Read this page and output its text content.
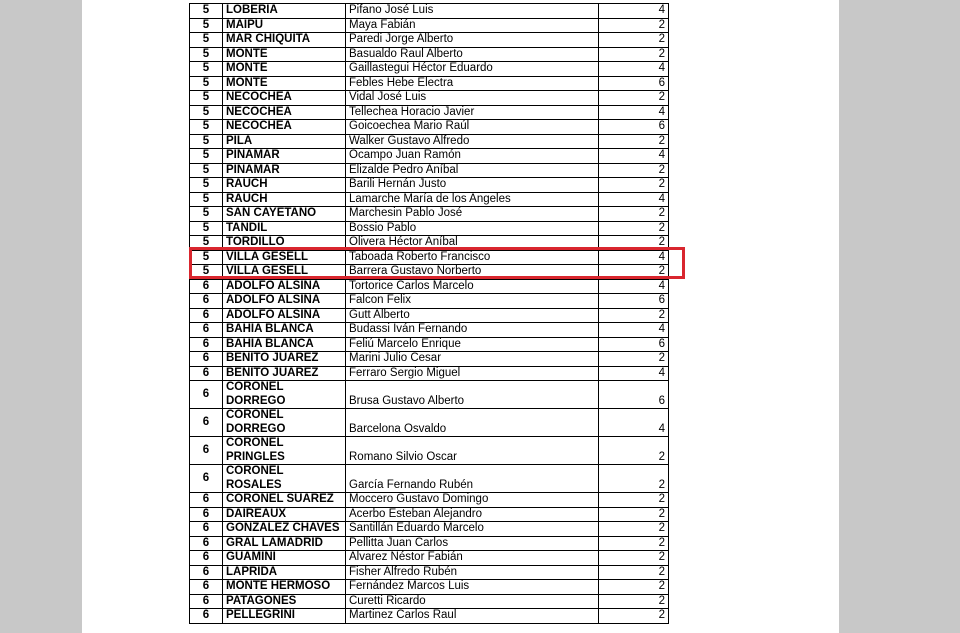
5	LOBERIA	Pifano José Luis	4
5	MAIPU	Maya Fabián	2
5	MAR CHIQUITA	Paredi Jorge Alberto	2
5	MONTE	Basualdo Raul Alberto	2
5	MONTE	Gaillastegui Héctor Eduardo	4
5	MONTE	Febles Hebe Electra	6
5	NECOCHEA	Vidal José Luis	2
5	NECOCHEA	Tellechea Horacio Javier	4
5	NECOCHEA	Goicoechea Mario Raúl	6
5	PILA	Walker Gustavo Alfredo	2
5	PINAMAR	Ocampo Juan Ramón	4
5	PINAMAR	Elizalde Pedro Aníbal	2
5	RAUCH	Barili Hernán Justo	2
5	RAUCH	Lamarche María de los Angeles	4
5	SAN CAYETANO	Marchesin Pablo José	2
5	TANDIL	Bossio Pablo	2
5	TORDILLO	Olivera Héctor Aníbal	2
5	VILLA GESELL	Taboada Roberto Francisco	4
5	VILLA GESELL	Barrera Gustavo Norberto	2
6	ADOLFO ALSINA	Tortorice Carlos Marcelo	4
6	ADOLFO ALSINA	Falcon Felix	6
6	ADOLFO ALSINA	Gutt Alberto	2
6	BAHIA BLANCA	Budassi Iván Fernando	4
6	BAHIA BLANCA	Feliú Marcelo Enrique	6
6	BENITO JUAREZ	Marini Julio Cesar	2
6	BENITO JUAREZ	Ferraro Sergio Miguel	4
6	CORONEL DORREGO	Brusa Gustavo Alberto	6
6	CORONEL DORREGO	Barcelona Osvaldo	4
6	CORONEL PRINGLES	Romano Silvio Oscar	2
6	CORONEL ROSALES	García Fernando Rubén	2
6	CORONEL SUAREZ	Moccero Gustavo Domingo	2
6	DAIREAUX	Acerbo Esteban Alejandro	2
6	GONZALEZ CHAVES	Santillán Eduardo Marcelo	2
6	GRAL LAMADRID	Pellitta Juan Carlos	2
6	GUAMINI	Alvarez Néstor Fabián	2
6	LAPRIDA	Fisher Alfredo Rubén	2
6	MONTE HERMOSO	Fernández Marcos Luis	2
6	PATAGONES	Curetti Ricardo	2
6	PELLEGRINI	Martinez Carlos Raul	2
